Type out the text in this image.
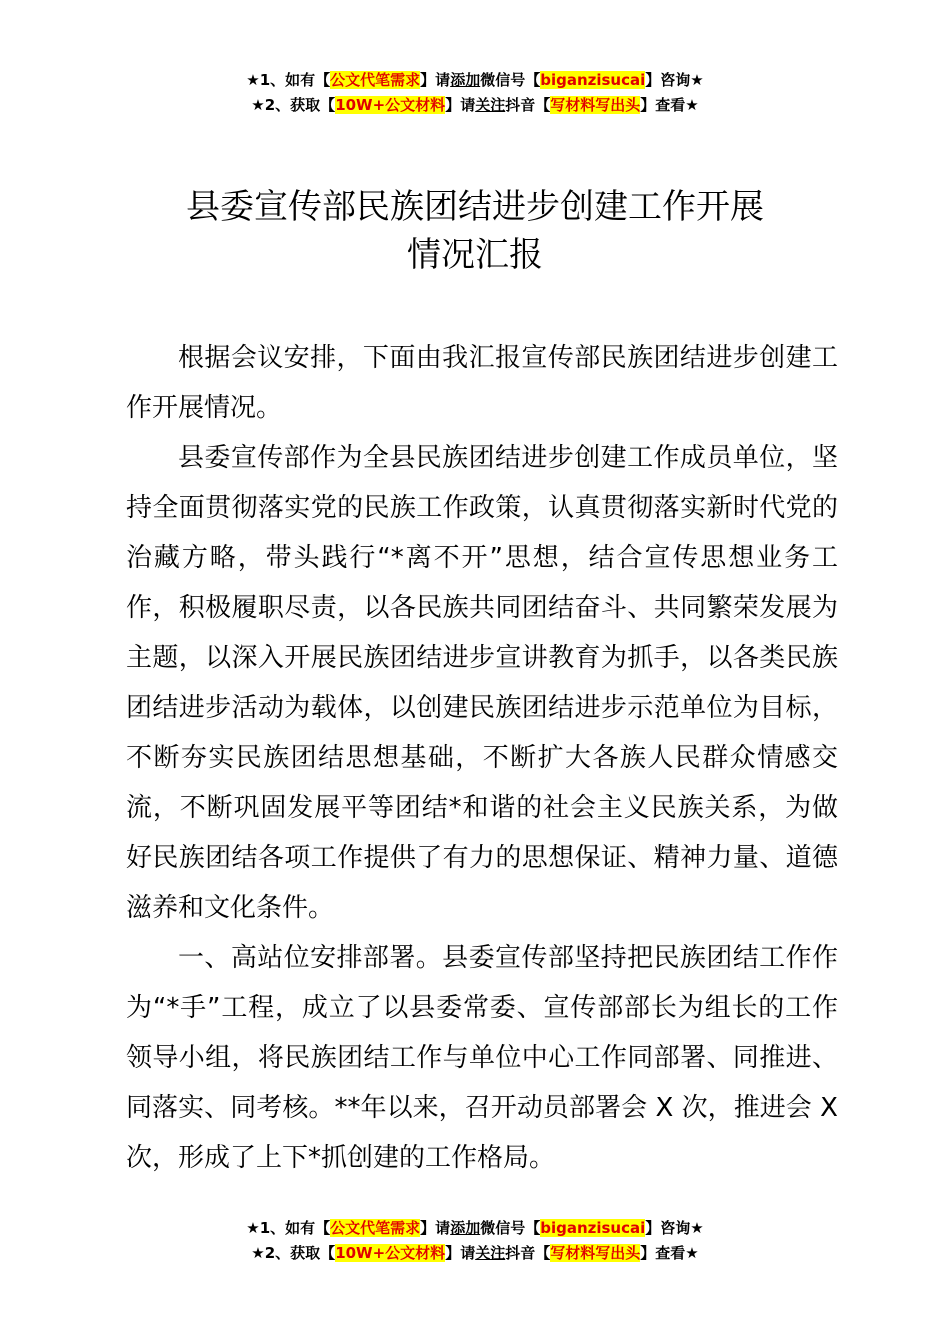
★1、如有【公文代笔需求】请添加微信号【biganzisucai】咨询★
★2、获取【10W+公文材料】请关注抖音【写材料写出头】查看★
县委宣传部民族团结进步创建工作开展
情况汇报

根据会议安排，下面由我汇报宣传部民族团结进步创建工作开展情况。

县委宣传部作为全县民族团结进步创建工作成员单位，坚持全面贯彻落实党的民族工作政策，认真贯彻落实新时代党的治藏方略，带头践行“*离不开”思想，结合宣传思想业务工作，积极履职尽责，以各民族共同团结奋斗、共同繁荣发展为主题，以深入开展民族团结进步宣讲教育为抓手，以各类民族团结进步活动为载体，以创建民族团结进步示范单位为目标，不断夯实民族团结思想基础，不断扩大各族人民群众情感交流，不断巩固发展平等团结*和谐的社会主义民族关系，为做好民族团结各项工作提供了有力的思想保证、精神力量、道德滋养和文化条件。

一、高站位安排部署。县委宣传部坚持把民族团结工作作为“*手”工程，成立了以县委常委、宣传部部长为组长的工作领导小组，将民族团结工作与单位中心工作同部署、同推进、同落实、同考核。**年以来，召开动员部署会 X 次，推进会 X 次，形成了上下*抓创建的工作格局。

★1、如有【公文代笔需求】请添加微信号【biganzisucai】咨询★
★2、获取【10W+公文材料】请关注抖音【写材料写出头】查看★
